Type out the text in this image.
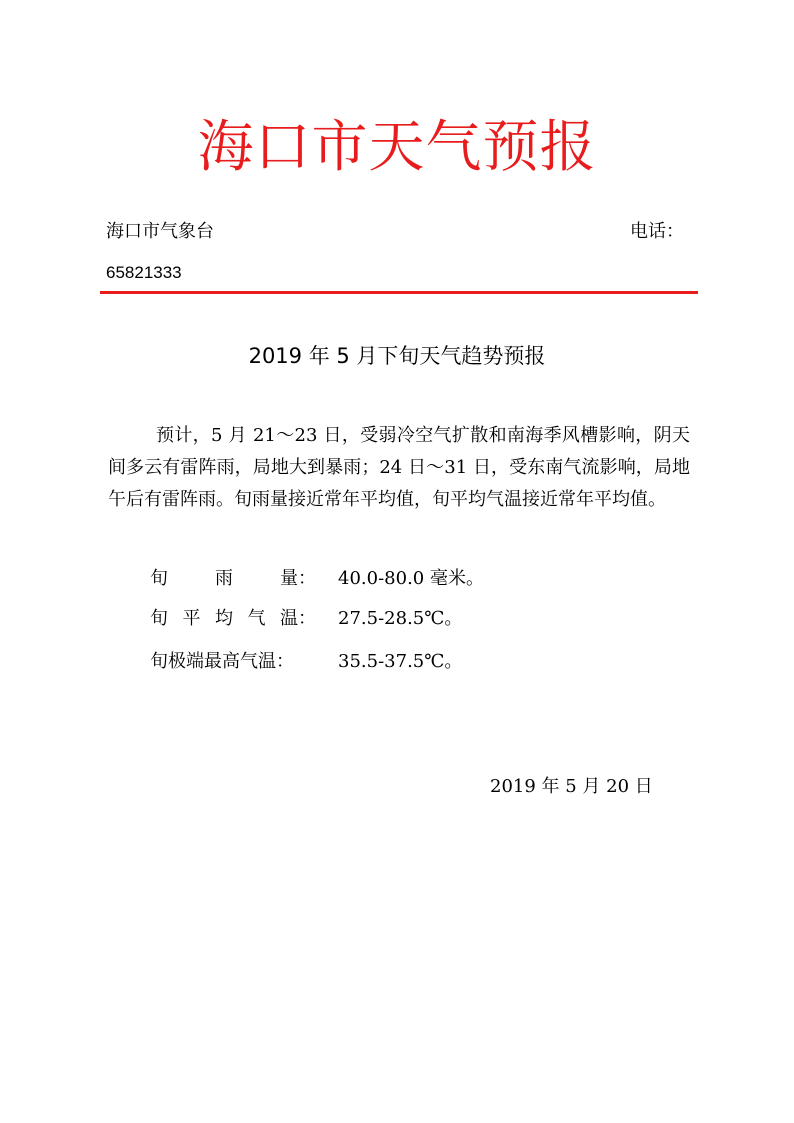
海口市天气预报
海口市气象台	电话：
65821333
2019 年 5 月下旬天气趋势预报

预计，5 月 21～23 日，受弱冷空气扩散和南海季风槽影响，阴天间多云有雷阵雨，局地大到暴雨；24 日～31 日，受东南气流影响，局地午后有雷阵雨。旬雨量接近常年平均值，旬平均气温接近常年平均值。

旬	雨	量： 40.0-80.0 毫米。
旬 平 均 气 温： 27.5-28.5℃。
旬极端最高气温： 35.5-37.5℃。
2019 年 5 月 20 日
